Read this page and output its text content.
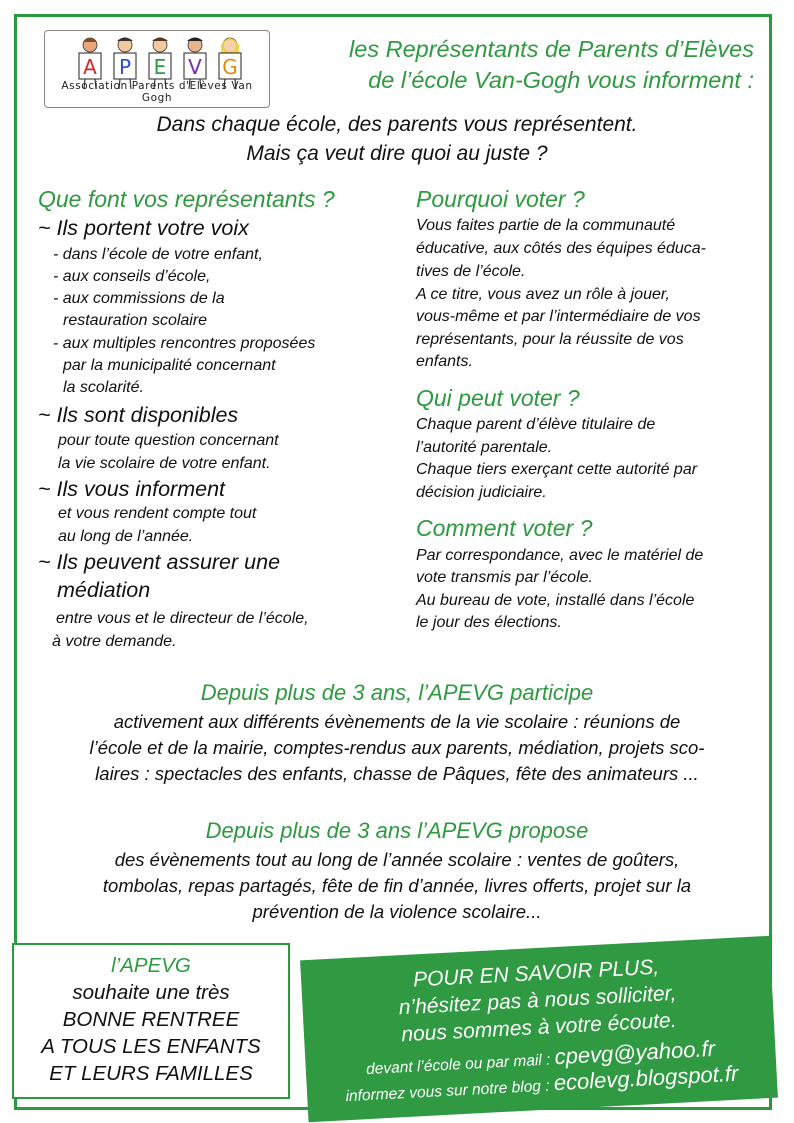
A P E V G
Association Parents d'Elèves Van Gogh
les Représentants de Parents d’Elèves
de l’école Van-Gogh vous informent :
Dans chaque école, des parents vous représentent.
Mais ça veut dire quoi au juste ?
Que font vos représentants ?
~ Ils portent votre voix
- dans l’école de votre enfant,
- aux conseils d’école,
- aux commissions de la
restauration scolaire
- aux multiples rencontres proposées
par la municipalité concernant
la scolarité.
~ Ils sont disponibles
pour toute question concernant
la vie scolaire de votre enfant.
~ Ils vous informent
et vous rendent compte tout
au long de l’année.
~ Ils peuvent assurer une
médiation
entre vous et le directeur de l’école,
à votre demande.
Pourquoi voter ?
Vous faites partie de la communauté
éducative, aux côtés des équipes éduca-
tives de l’école.
A ce titre, vous avez un rôle à jouer,
vous-même et par l’intermédiaire de vos
représentants, pour la réussite de vos
enfants.
Qui peut voter ?
Chaque parent d’élève titulaire de
l’autorité parentale.
Chaque tiers exerçant cette autorité par
décision judiciaire.
Comment voter ?
Par correspondance, avec le matériel de
vote transmis par l’école.
Au bureau de vote, installé dans l’école
le jour des élections.
Depuis plus de 3 ans, l’APEVG participe
activement aux différents évènements de la vie scolaire : réunions de
l’école et de la mairie, comptes-rendus aux parents, médiation, projets sco-
laires : spectacles des enfants, chasse de Pâques, fête des animateurs ...
Depuis plus de 3 ans l’APEVG propose
des évènements tout au long de l’année scolaire : ventes de goûters,
tombolas, repas partagés, fête de fin d’année, livres offerts, projet sur la
prévention de la violence scolaire...
l’APEVG
souhaite une très
BONNE RENTREE
A TOUS LES ENFANTS
ET LEURS FAMILLES
POUR EN SAVOIR PLUS,
n’hésitez pas à nous solliciter,
nous sommes à votre écoute.
devant l’école ou par mail : cpevg@yahoo.fr
informez vous sur notre blog : ecolevg.blogspot.fr
